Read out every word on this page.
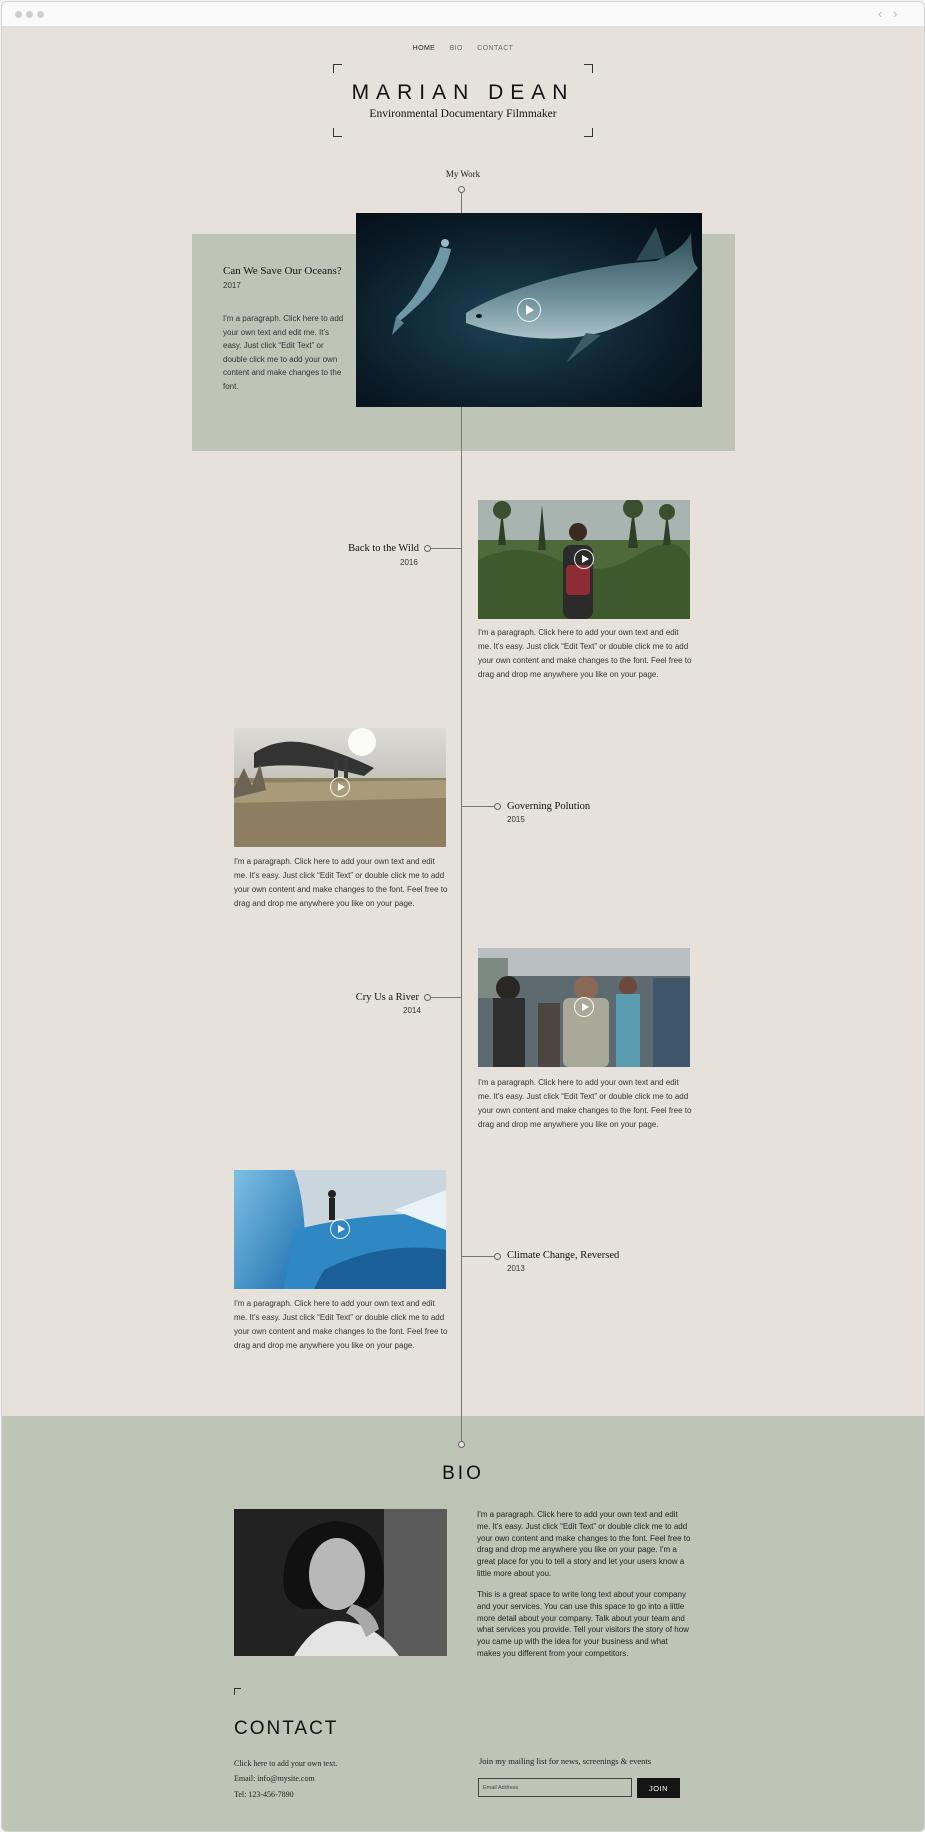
‹ ›
HOME BIO CONTACT
MARIAN DEAN
Environmental Documentary Filmmaker
My Work
Can We Save Our Oceans?
2017
I'm a paragraph. Click here to add your own text and edit me. It's easy. Just click “Edit Text” or double click me to add your own content and make changes to the font.
Back to the Wild
2016
I'm a paragraph. Click here to add your own text and edit me. It's easy. Just click “Edit Text” or double click me to add your own content and make changes to the font. Feel free to drag and drop me anywhere you like on your page.
Governing Polution
2015
I'm a paragraph. Click here to add your own text and edit me. It's easy. Just click “Edit Text” or double click me to add your own content and make changes to the font. Feel free to drag and drop me anywhere you like on your page.
Cry Us a River
2014
I'm a paragraph. Click here to add your own text and edit me. It's easy. Just click “Edit Text” or double click me to add your own content and make changes to the font. Feel free to drag and drop me anywhere you like on your page.
Climate Change, Reversed
2013
I'm a paragraph. Click here to add your own text and edit me. It's easy. Just click “Edit Text” or double click me to add your own content and make changes to the font. Feel free to drag and drop me anywhere you like on your page.
BIO
I'm a paragraph. Click here to add your own text and edit me. It's easy. Just click “Edit Text” or double click me to add your own content and make changes to the font. Feel free to drag and drop me anywhere you like on your page. I'm a great place for you to tell a story and let your users know a little more about you.
This is a great space to write long text about your company and your services. You can use this space to go into a little more detail about your company. Talk about your team and what services you provide. Tell your visitors the story of how you came up with the idea for your business and what makes you different from your competitors.
CONTACT
Click here to add your own text.
Email: info@mysite.com
Tel: 123-456-7890
Join my mailing list for news, screenings & events
Email Address
JOIN
